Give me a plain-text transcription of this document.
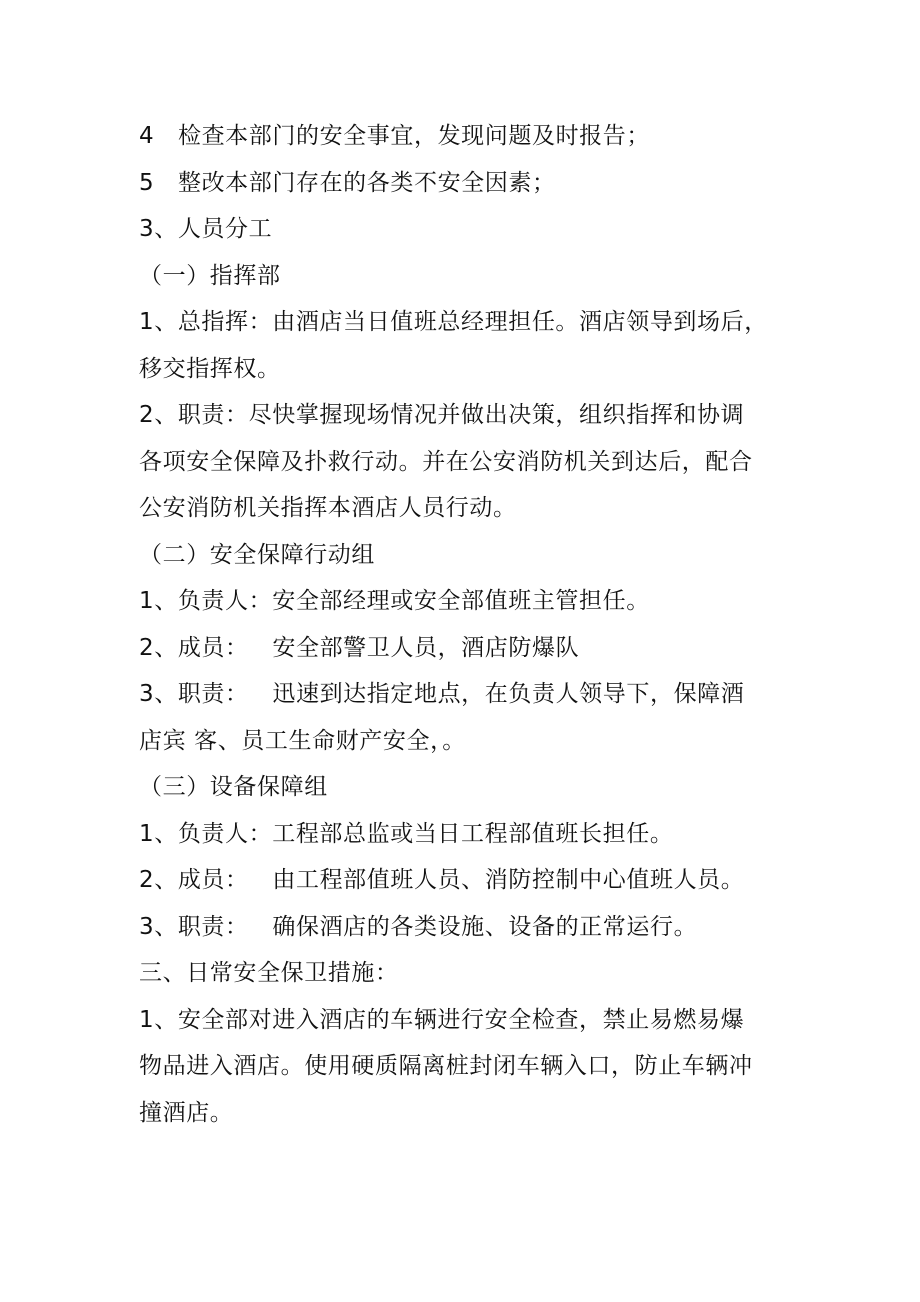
4   检查本部门的安全事宜，发现问题及时报告；
5   整改本部门存在的各类不安全因素；
3、人员分工
（一）指挥部
1、总指挥：由酒店当日值班总经理担任。酒店领导到场后，
移交指挥权。
2、职责：尽快掌握现场情况并做出决策，组织指挥和协调
各项安全保障及扑救行动。并在公安消防机关到达后，配合
公安消防机关指挥本酒店人员行动。
（二）安全保障行动组
1、负责人：安全部经理或安全部值班主管担任。
2、成员：   安全部警卫人员，酒店防爆队
3、职责：   迅速到达指定地点，在负责人领导下，保障酒
店宾 客、员工生命财产安全，。
（三）设备保障组
1、负责人：工程部总监或当日工程部值班长担任。
2、成员：   由工程部值班人员、消防控制中心值班人员。
3、职责：   确保酒店的各类设施、设备的正常运行。
三、日常安全保卫措施：
1、安全部对进入酒店的车辆进行安全检查，禁止易燃易爆
物品进入酒店。使用硬质隔离桩封闭车辆入口，防止车辆冲
撞酒店。
